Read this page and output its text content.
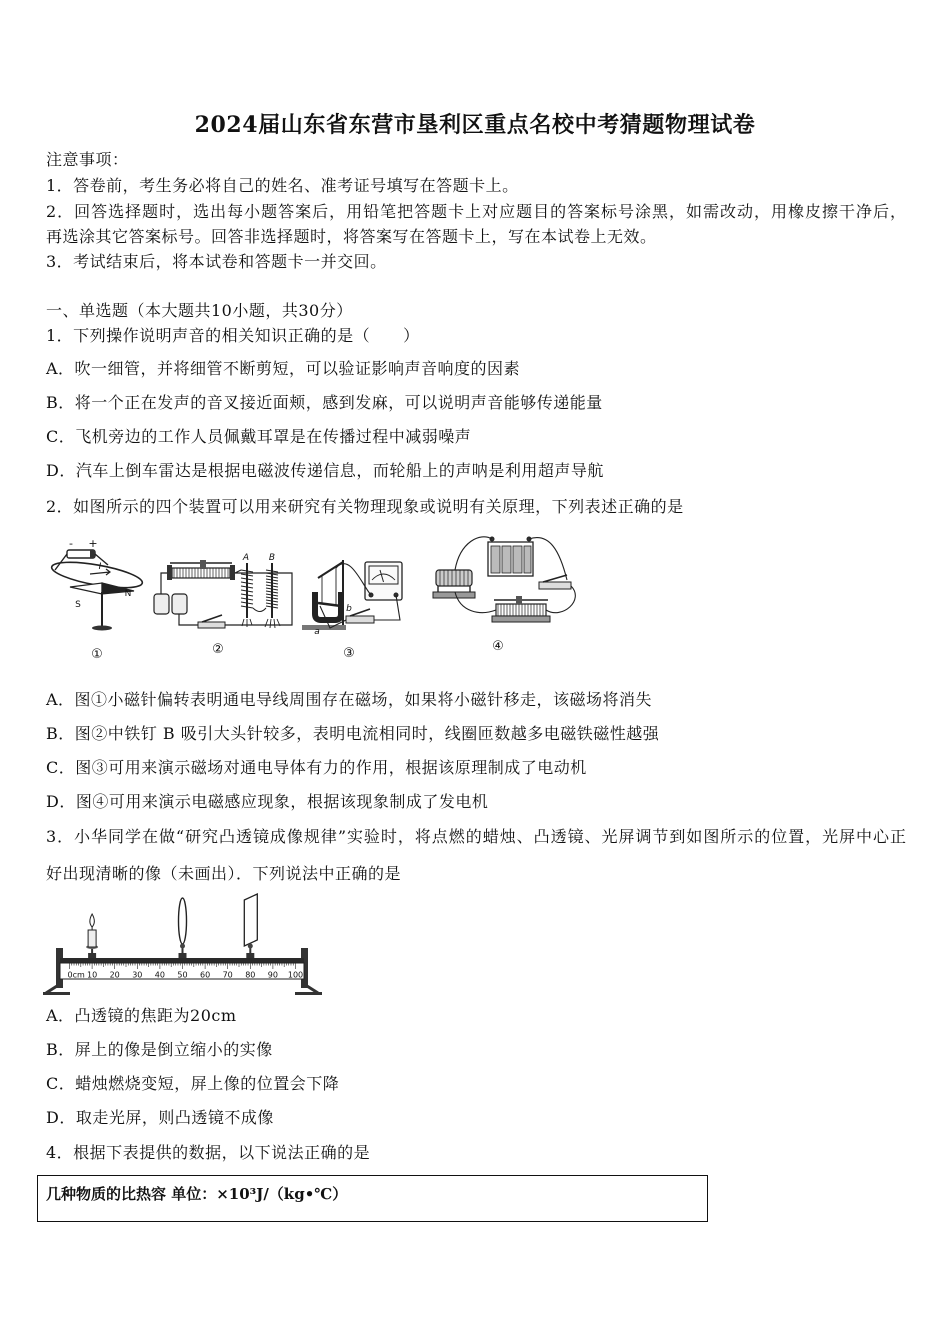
2024届山东省东营市垦利区重点名校中考猜题物理试卷
注意事项：
1．答卷前，考生务必将自己的姓名、准考证号填写在答题卡上。
2．回答选择题时，选出每小题答案后，用铅笔把答题卡上对应题目的答案标号涂黑，如需改动，用橡皮擦干净后，
再选涂其它答案标号。回答非选择题时，将答案写在答题卡上，写在本试卷上无效。
3．考试结束后，将本试卷和答题卡一并交回。
一、单选题（本大题共10小题，共30分）
1．下列操作说明声音的相关知识正确的是（　　）
A．吹一细管，并将细管不断剪短，可以验证影响声音响度的因素
B．将一个正在发声的音叉接近面颊，感到发麻，可以说明声音能够传递能量
C．飞机旁边的工作人员佩戴耳罩是在传播过程中减弱噪声
D．汽车上倒车雷达是根据电磁波传递信息，而轮船上的声呐是利用超声导航
2．如图所示的四个装置可以用来研究有关物理现象或说明有关原理，下列表述正确的是
- +
I
S
N
A B
a
b
①	②	③	④
A．图①小磁针偏转表明通电导线周围存在磁场，如果将小磁针移走，该磁场将消失
B．图②中铁钉 B 吸引大头针较多，表明电流相同时，线圈匝数越多电磁铁磁性越强
C．图③可用来演示磁场对通电导体有力的作用，根据该原理制成了电动机
D．图④可用来演示电磁感应现象，根据该现象制成了发电机
3．小华同学在做“研究凸透镜成像规律”实验时，将点燃的蜡烛、凸透镜、光屏调节到如图所示的位置，光屏中心正
好出现清晰的像（未画出）．下列说法中正确的是
0cm 10 20 30 40 50 60 70 80 90 100
A．凸透镜的焦距为20cm
B．屏上的像是倒立缩小的实像
C．蜡烛燃烧变短，屏上像的位置会下降
D．取走光屏，则凸透镜不成像
4．根据下表提供的数据，以下说法正确的是
几种物质的比热容 单位：×10³J/（kg•℃）
